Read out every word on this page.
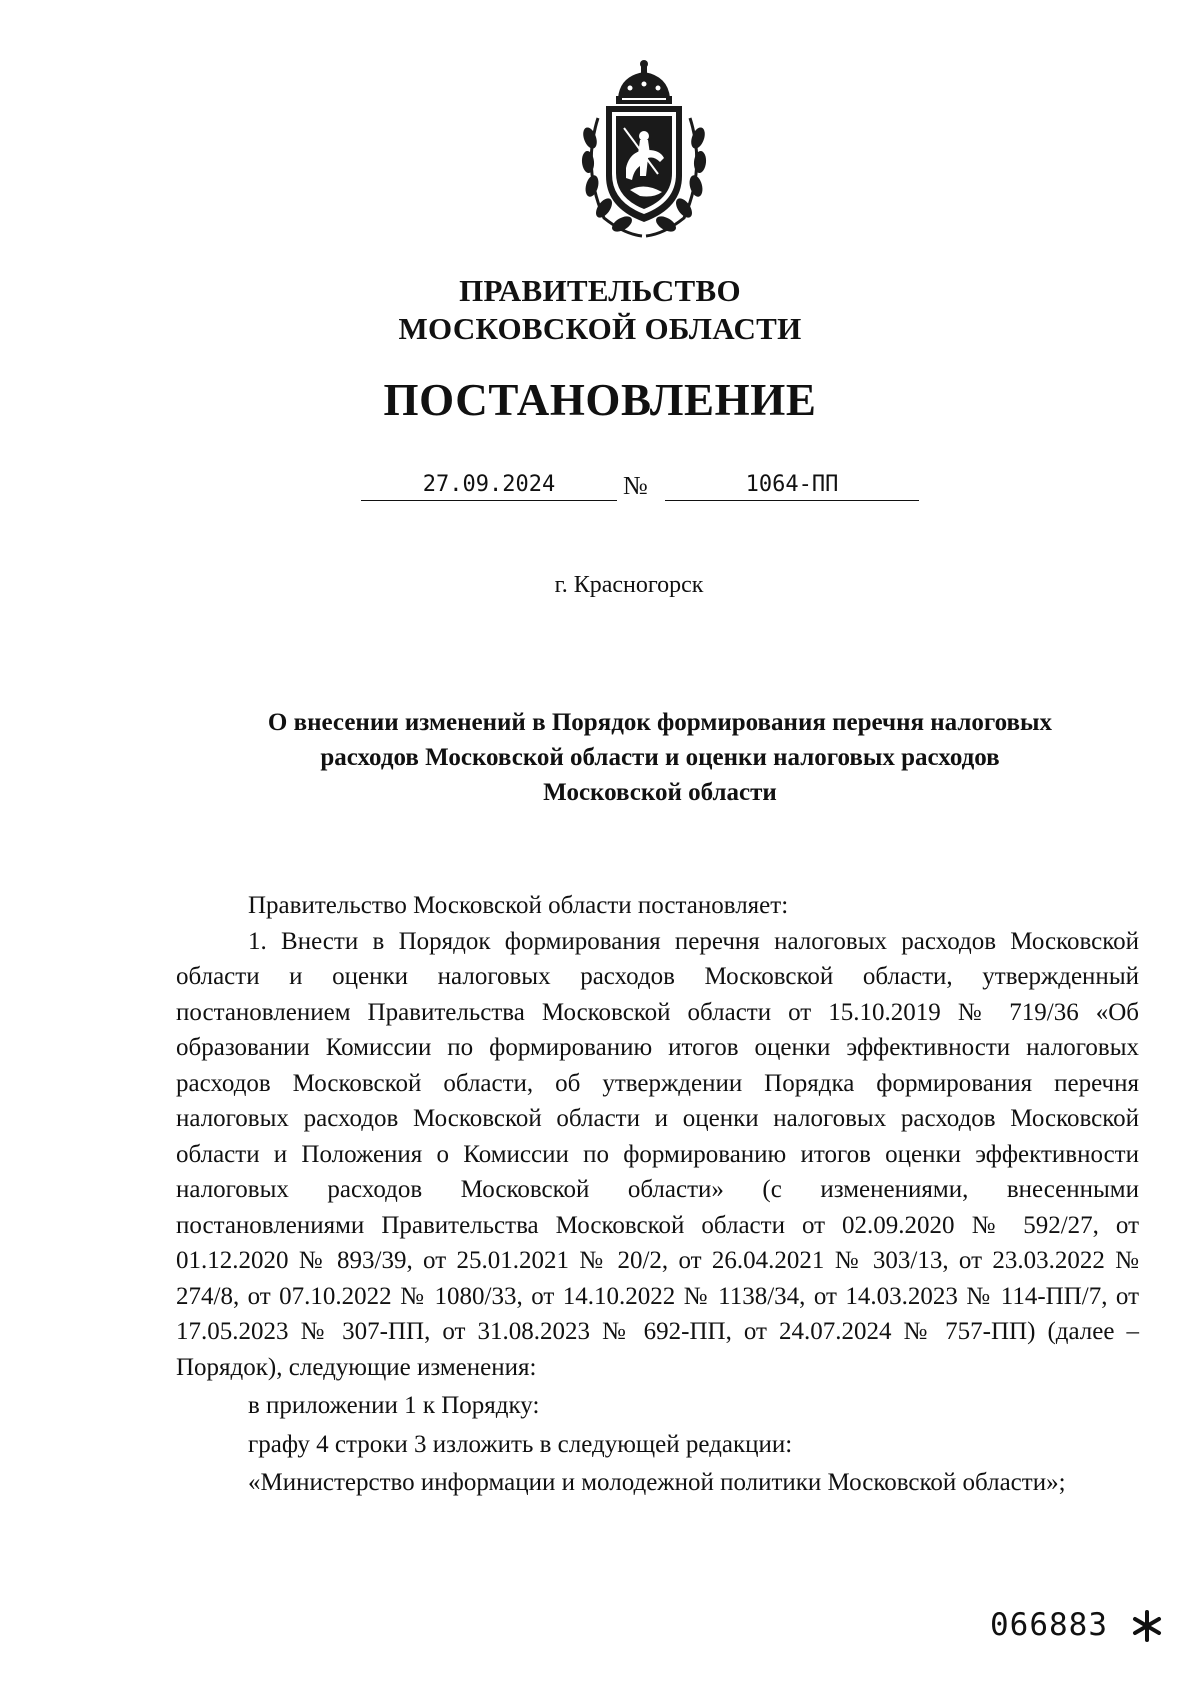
ПРАВИТЕЛЬСТВО
МОСКОВСКОЙ ОБЛАСТИ
ПОСТАНОВЛЕНИЕ
27.09.2024	№	1064-ПП
г. Красногорск
О внесении изменений в Порядок формирования перечня налоговых
расходов Московской области и оценки налоговых расходов
Московской области

Правительство Московской области постановляет:

1. Внести в Порядок формирования перечня налоговых расходов Московской области и оценки налоговых расходов Московской области, утвержденный постановлением Правительства Московской области от 15.10.2019 № 719/36 «Об образовании Комиссии по формированию итогов оценки эффективности налоговых расходов Московской области, об утверждении Порядка формирования перечня налоговых расходов Московской области и оценки налоговых расходов Московской области и Положения о Комиссии по формированию итогов оценки эффективности налоговых расходов Московской области» (с изменениями, внесенными постановлениями Правительства Московской области от 02.09.2020 № 592/27, от 01.12.2020 № 893/39, от 25.01.2021 № 20/2, от 26.04.2021 № 303/13, от 23.03.2022 № 274/8, от 07.10.2022 № 1080/33, от 14.10.2022 № 1138/34, от 14.03.2023 № 114-ПП/7, от 17.05.2023 № 307-ПП, от 31.08.2023 № 692-ПП, от 24.07.2024 № 757-ПП) (далее – Порядок), следующие изменения:

в приложении 1 к Порядку:

графу 4 строки 3 изложить в следующей редакции:

«Министерство информации и молодежной политики Московской области»;

066883
